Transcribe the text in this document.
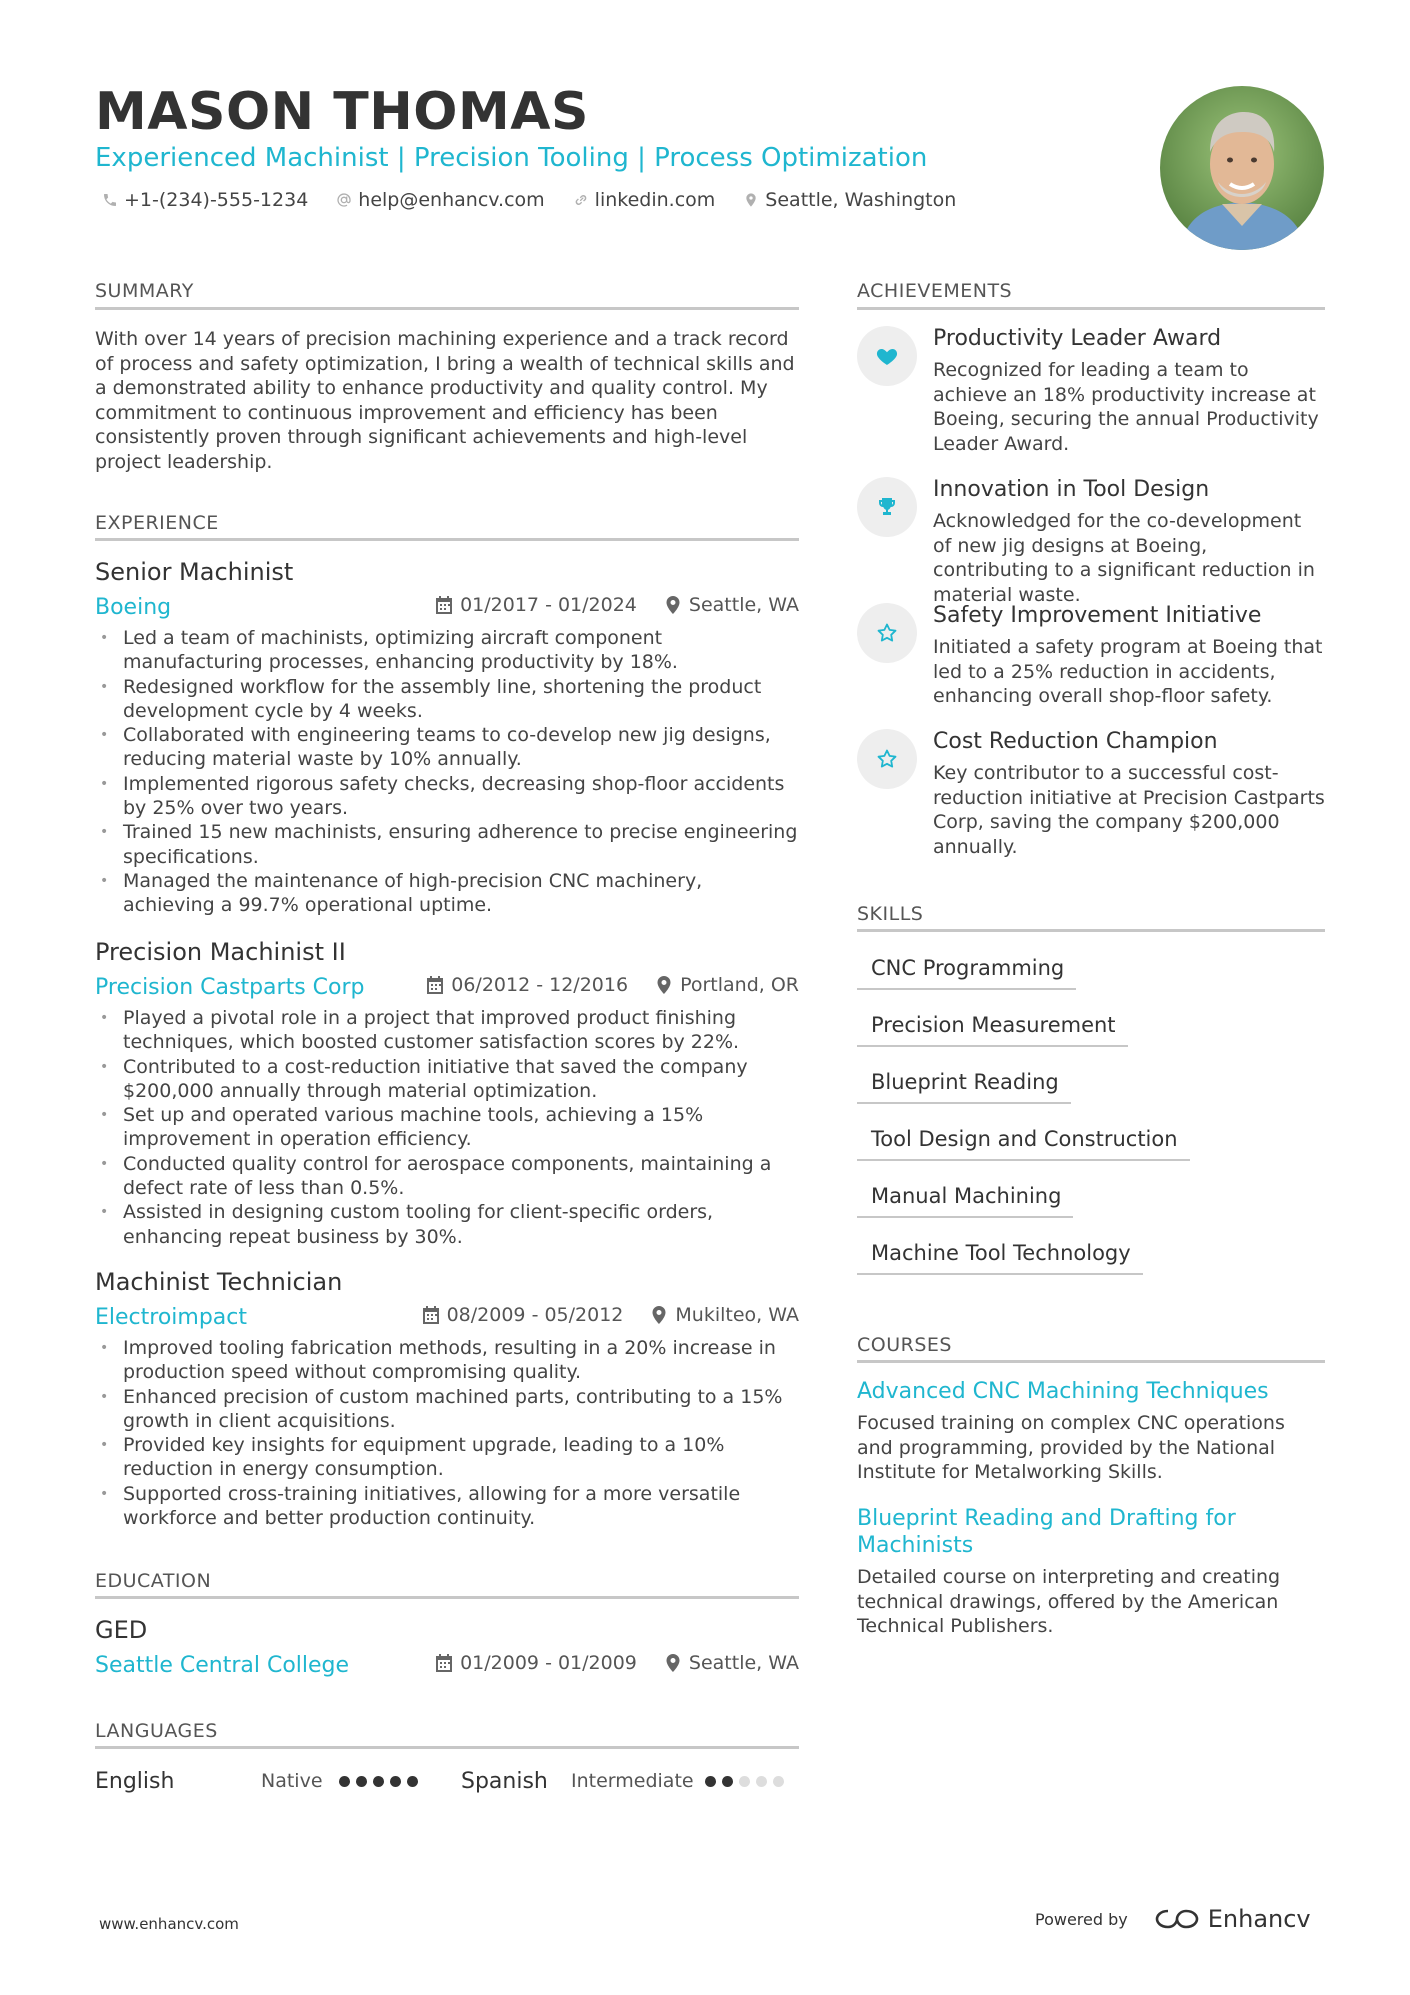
MASON THOMAS
Experienced Machinist | Precision Tooling | Process Optimization
+1-(234)-555-1234	help@enhancv.com	linkedin.com	Seattle, Washington
SUMMARY
With over 14 years of precision machining experience and a track record of process and safety optimization, I bring a wealth of technical skills and a demonstrated ability to enhance productivity and quality control. My commitment to continuous improvement and efficiency has been consistently proven through significant achievements and high-level project leadership.
EXPERIENCE
Senior Machinist
Boeing	01/2017 - 01/2024	Seattle, WA
• Led a team of machinists, optimizing aircraft component manufacturing processes, enhancing productivity by 18%.
• Redesigned workflow for the assembly line, shortening the product development cycle by 4 weeks.
• Collaborated with engineering teams to co-develop new jig designs, reducing material waste by 10% annually.
• Implemented rigorous safety checks, decreasing shop-floor accidents by 25% over two years.
• Trained 15 new machinists, ensuring adherence to precise engineering specifications.
• Managed the maintenance of high-precision CNC machinery, achieving a 99.7% operational uptime.
Precision Machinist II
Precision Castparts Corp	06/2012 - 12/2016	Portland, OR
• Played a pivotal role in a project that improved product finishing techniques, which boosted customer satisfaction scores by 22%.
• Contributed to a cost-reduction initiative that saved the company $200,000 annually through material optimization.
• Set up and operated various machine tools, achieving a 15% improvement in operation efficiency.
• Conducted quality control for aerospace components, maintaining a defect rate of less than 0.5%.
• Assisted in designing custom tooling for client-specific orders, enhancing repeat business by 30%.
Machinist Technician
Electroimpact	08/2009 - 05/2012	Mukilteo, WA
• Improved tooling fabrication methods, resulting in a 20% increase in production speed without compromising quality.
• Enhanced precision of custom machined parts, contributing to a 15% growth in client acquisitions.
• Provided key insights for equipment upgrade, leading to a 10% reduction in energy consumption.
• Supported cross-training initiatives, allowing for a more versatile workforce and better production continuity.
EDUCATION
GED
Seattle Central College	01/2009 - 01/2009	Seattle, WA
LANGUAGES
English	Native	Spanish	Intermediate
ACHIEVEMENTS
Productivity Leader Award
Recognized for leading a team to achieve an 18% productivity increase at Boeing, securing the annual Productivity Leader Award.
Innovation in Tool Design
Acknowledged for the co-development of new jig designs at Boeing, contributing to a significant reduction in material waste.
Safety Improvement Initiative
Initiated a safety program at Boeing that led to a 25% reduction in accidents, enhancing overall shop-floor safety.
Cost Reduction Champion
Key contributor to a successful cost-reduction initiative at Precision Castparts Corp, saving the company $200,000 annually.
SKILLS
CNC Programming
Precision Measurement
Blueprint Reading
Tool Design and Construction
Manual Machining
Machine Tool Technology
COURSES
Advanced CNC Machining Techniques
Focused training on complex CNC operations and programming, provided by the National Institute for Metalworking Skills.
Blueprint Reading and Drafting for Machinists
Detailed course on interpreting and creating technical drawings, offered by the American Technical Publishers.
www.enhancv.com	Powered by	Enhancv
